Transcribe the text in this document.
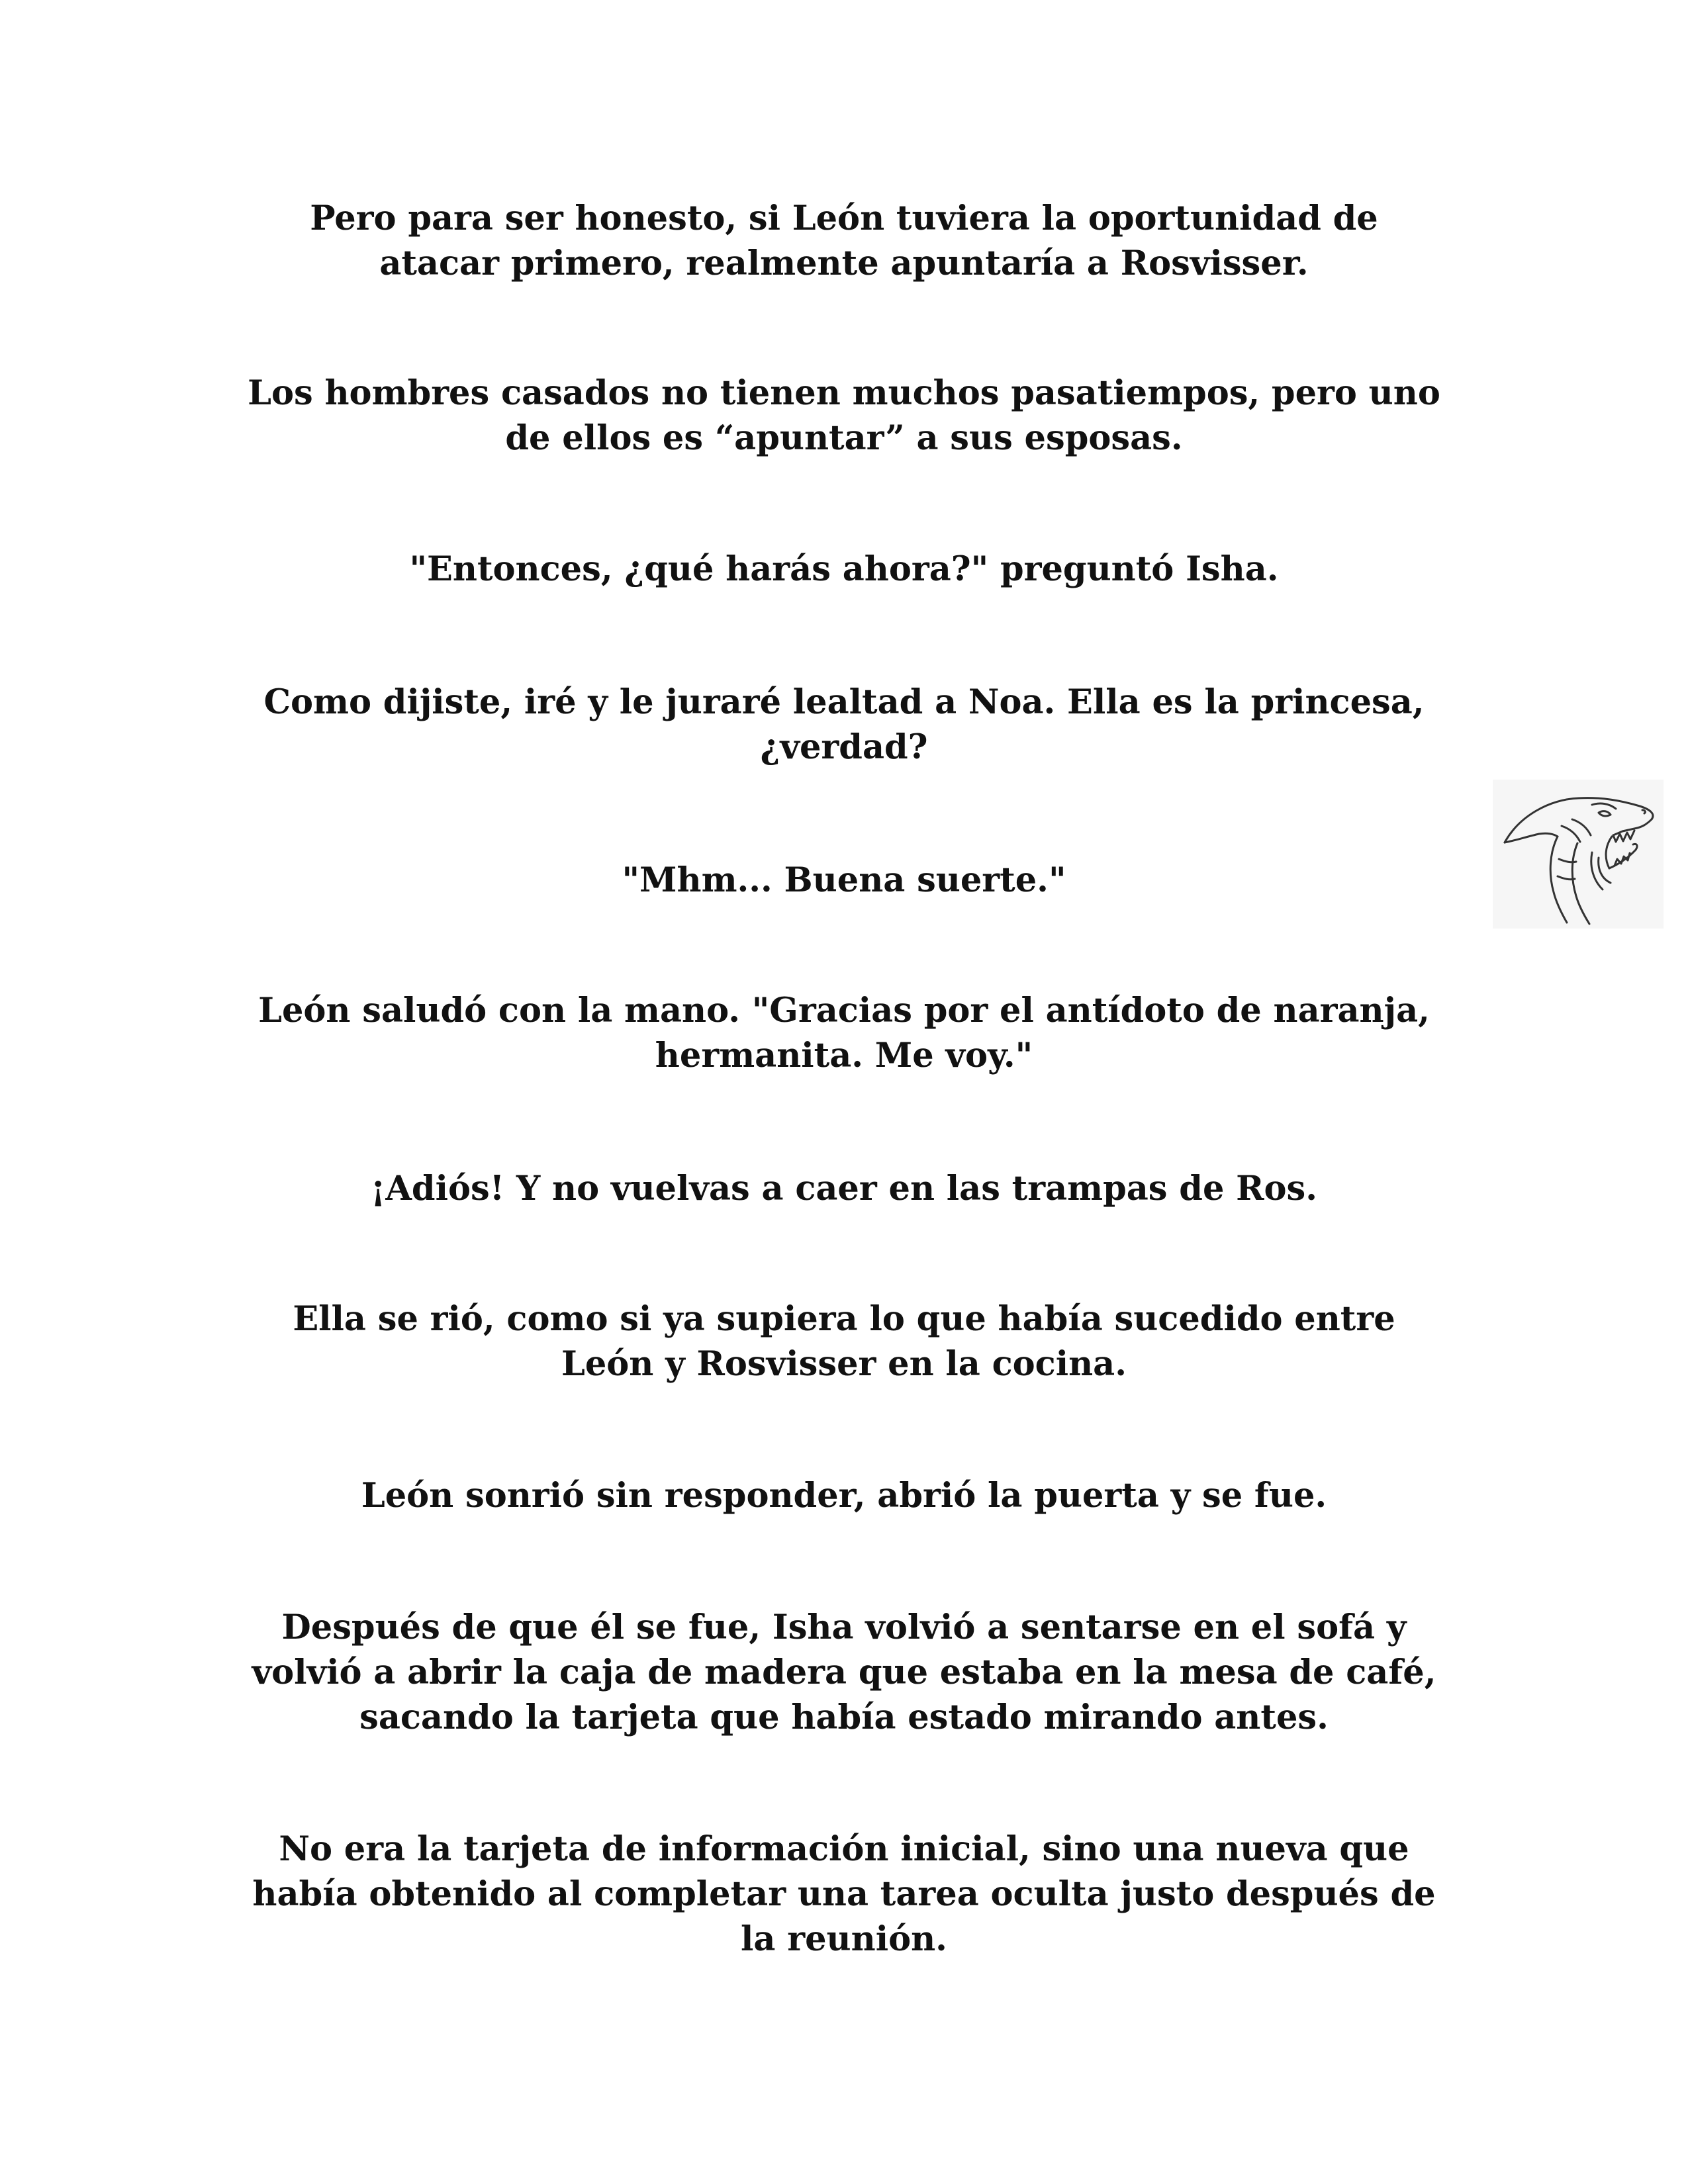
Pero para ser honesto, si León tuviera la oportunidad de
atacar primero, realmente apuntaría a Rosvisser.

Los hombres casados no tienen muchos pasatiempos, pero uno
de ellos es “apuntar” a sus esposas.

"Entonces, ¿qué harás ahora?" preguntó Isha.

Como dijiste, iré y le juraré lealtad a Noa. Ella es la princesa,
¿verdad?

"Mhm... Buena suerte."

León saludó con la mano. "Gracias por el antídoto de naranja,
hermanita. Me voy."

¡Adiós! Y no vuelvas a caer en las trampas de Ros.

Ella se rió, como si ya supiera lo que había sucedido entre
León y Rosvisser en la cocina.

León sonrió sin responder, abrió la puerta y se fue.

Después de que él se fue, Isha volvió a sentarse en el sofá y
volvió a abrir la caja de madera que estaba en la mesa de café,
sacando la tarjeta que había estado mirando antes.

No era la tarjeta de información inicial, sino una nueva que
había obtenido al completar una tarea oculta justo después de
la reunión.
